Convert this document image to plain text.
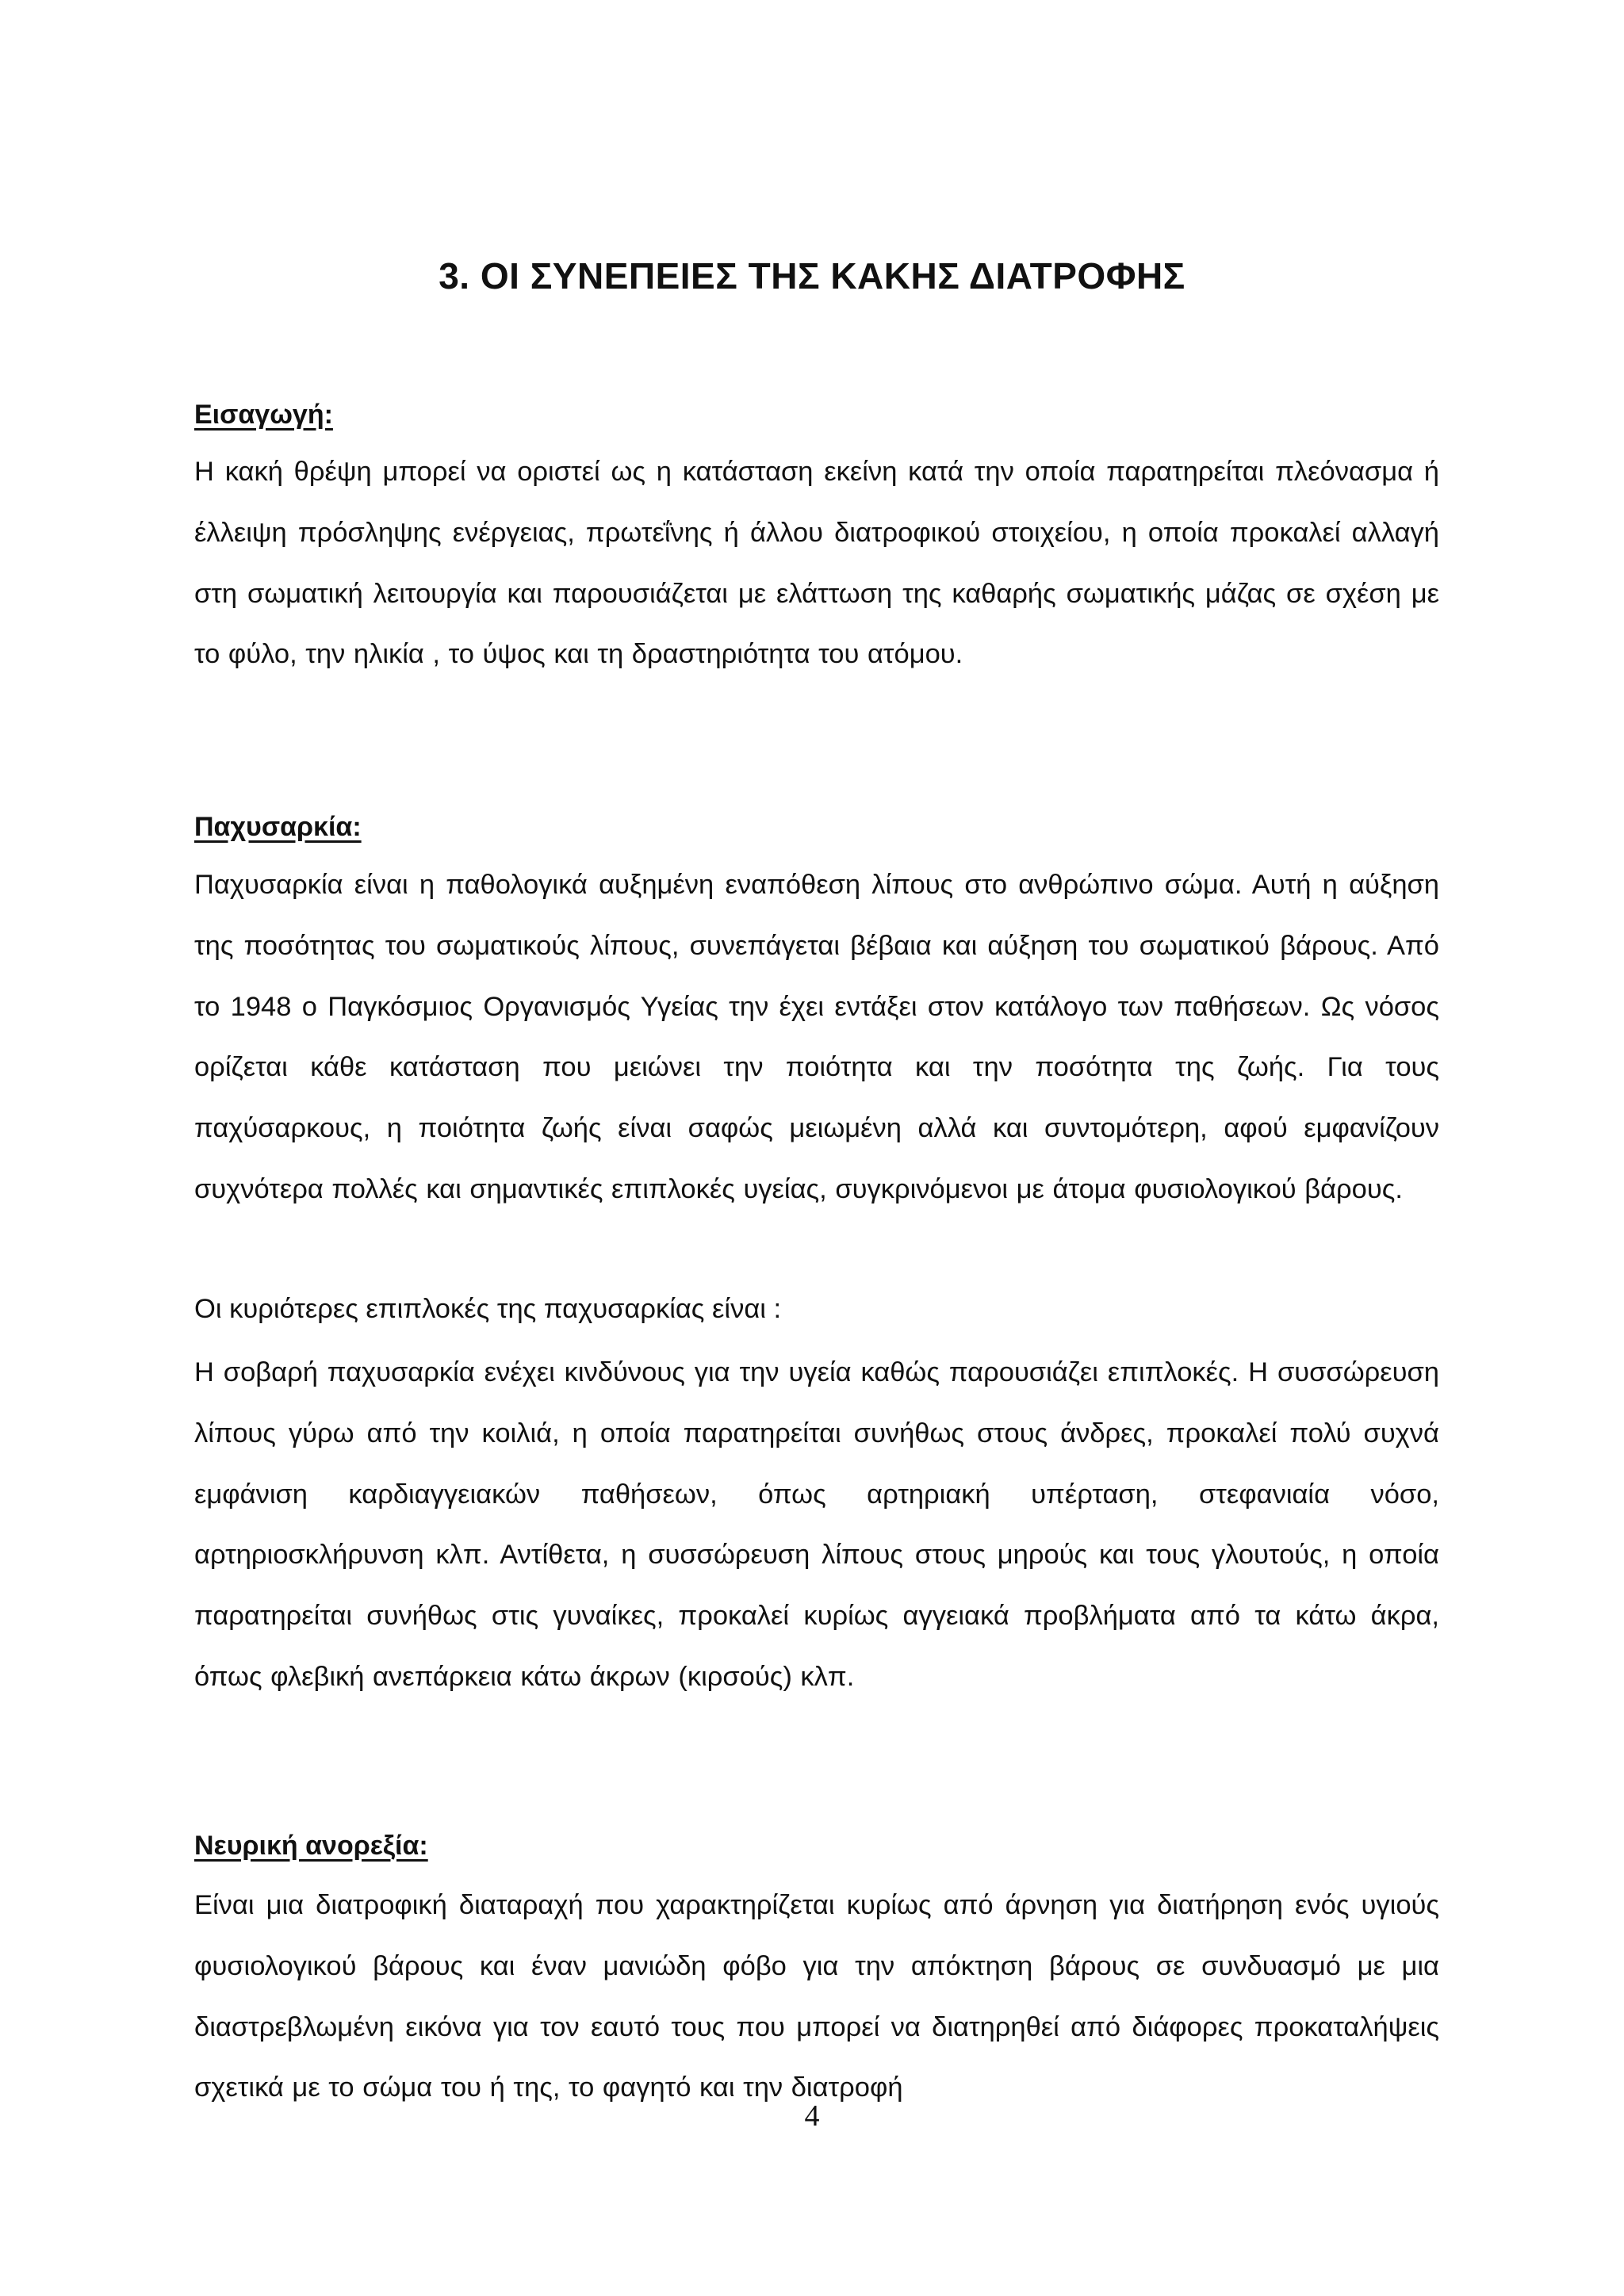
3. ΟΙ ΣΥΝΕΠΕΙΕΣ ΤΗΣ ΚΑΚΗΣ ΔΙΑΤΡΟΦΗΣ
Εισαγωγή:

Η κακή θρέψη μπορεί να οριστεί ως η κατάσταση εκείνη κατά την οποία παρατηρείται πλεόνασμα ή έλλειψη πρόσληψης ενέργειας, πρωτεΐνης ή άλλου διατροφικού στοιχείου, η οποία προκαλεί αλλαγή στη σωματική λειτουργία και παρουσιάζεται με ελάττωση της καθαρής σωματικής μάζας σε σχέση με το φύλο, την ηλικία , το ύψος και τη δραστηριότητα του ατόμου.

Παχυσαρκία:

Παχυσαρκία είναι η παθολογικά αυξημένη εναπόθεση λίπους στο ανθρώπινο σώμα. Αυτή η αύξηση της ποσότητας του σωματικούς λίπους, συνεπάγεται βέβαια και αύξηση του σωματικού βάρους. Από το 1948 ο Παγκόσμιος Οργανισμός Υγείας την έχει εντάξει στον κατάλογο των παθήσεων. Ως νόσος ορίζεται κάθε κατάσταση που μειώνει την ποιότητα και την ποσότητα της ζωής. Για τους παχύσαρκους, η ποιότητα ζωής είναι σαφώς μειωμένη αλλά και συντομότερη, αφού εμφανίζουν συχνότερα πολλές και σημαντικές επιπλοκές υγείας, συγκρινόμενοι με άτομα φυσιολογικού βάρους.

Οι κυριότερες επιπλοκές της παχυσαρκίας είναι :

Η σοβαρή παχυσαρκία ενέχει κινδύνους για την υγεία καθώς παρουσιάζει επιπλοκές. Η συσσώρευση λίπους γύρω από την κοιλιά, η οποία παρατηρείται συνήθως στους άνδρες, προκαλεί πολύ συχνά εμφάνιση καρδιαγγειακών παθήσεων, όπως αρτηριακή υπέρταση, στεφανιαία νόσο, αρτηριοσκλήρυνση κλπ. Αντίθετα, η συσσώρευση λίπους στους μηρούς και τους γλουτούς, η οποία παρατηρείται συνήθως στις γυναίκες, προκαλεί κυρίως αγγειακά προβλήματα από τα κάτω άκρα, όπως φλεβική ανεπάρκεια κάτω άκρων (κιρσούς) κλπ.

Νευρική ανορεξία:

Είναι μια διατροφική διαταραχή που χαρακτηρίζεται κυρίως από άρνηση για διατήρηση ενός υγιούς φυσιολογικού βάρους και έναν μανιώδη φόβο για την απόκτηση βάρους σε συνδυασμό με μια διαστρεβλωμένη εικόνα για τον εαυτό τους που μπορεί να διατηρηθεί από διάφορες προκαταλήψεις σχετικά με το σώμα του ή της, το φαγητό και την διατροφή

4
